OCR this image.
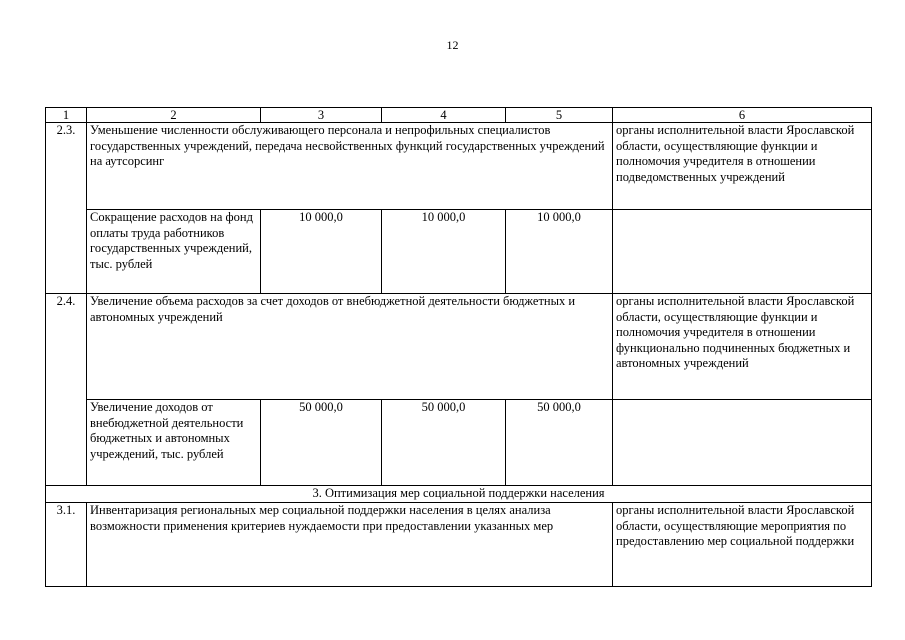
12
1	2	3	4	5	6
2.3.	Уменьшение численности обслуживающего персонала и непрофильных специалистов государственных учреждений, передача несвойственных функций государственных учреждений на аутсорсинг				органы исполнительной власти Ярославской области, осуществляющие функции и полномочия учредителя в отношении подведомственных учреждений
	Сокращение расходов на фонд оплаты труда работников государственных учреждений, тыс. рублей	10 000,0	10 000,0	10 000,0	
2.4.	Увеличение объема расходов за счет доходов от внебюджетной деятельности бюджетных и автономных учреждений				органы исполнительной власти Ярославской области, осуществляющие функции и полномочия учредителя в отношении функционально подчиненных бюджетных и автономных учреждений
	Увеличение доходов от внебюджетной деятельности бюджетных и автономных учреждений, тыс. рублей	50 000,0	50 000,0	50 000,0	
3. Оптимизация мер социальной поддержки населения					
3.1.	Инвентаризация региональных мер социальной поддержки населения в целях анализа возможности применения критериев нуждаемости при предоставлении указанных мер				органы исполнительной власти Ярославской области, осуществляющие мероприятия по предоставлению мер социальной поддержки
